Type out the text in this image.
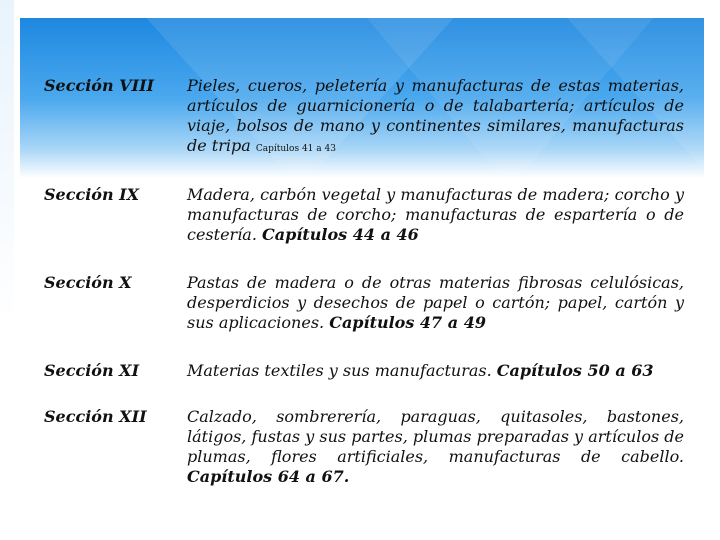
Sección VIII	Pieles, cueros, peletería y manufacturas de estas materias, artículos de guarnicionería o de talabartería; artículos de viaje, bolsos de mano y continentes similares, manufacturas de tripa Capítulos 41 a 43
Sección IX	Madera, carbón vegetal y manufacturas de madera; corcho y manufacturas de corcho; manufacturas de espartería o de cestería. Capítulos 44 a 46
Sección X	Pastas de madera o de otras materias fibrosas celulósicas, desperdicios y desechos de papel o cartón; papel, cartón y sus aplicaciones. Capítulos 47 a 49
Sección XI	Materias textiles y sus manufacturas. Capítulos 50 a 63
Sección XII	Calzado, sombrerería, paraguas, quitasoles, bastones, látigos, fustas y sus partes, plumas preparadas y artículos de plumas, flores artificiales, manufacturas de cabello. Capítulos 64 a 67.
